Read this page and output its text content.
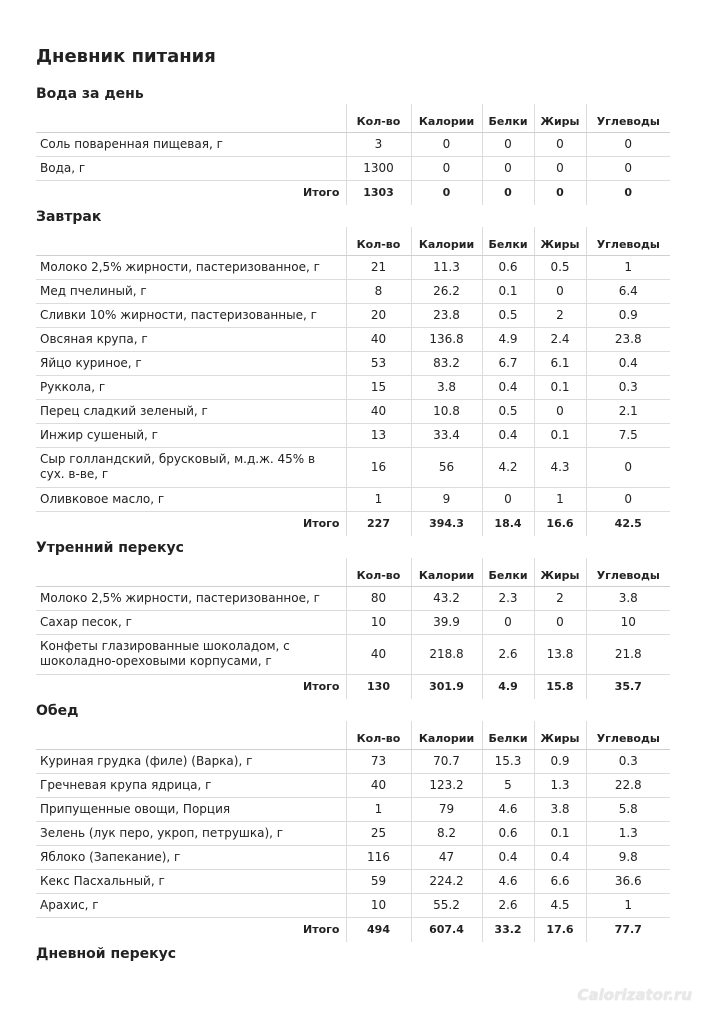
Дневник питания
Вода за день
	Кол-во	Калории	Белки	Жиры	Углеводы
Соль поваренная пищевая, г	3	0	0	0	0
Вода, г	1300	0	0	0	0
Итого	1303	0	0	0	0
Завтрак
	Кол-во	Калории	Белки	Жиры	Углеводы
Молоко 2,5% жирности, пастеризованное, г	21	11.3	0.6	0.5	1
Мед пчелиный, г	8	26.2	0.1	0	6.4
Сливки 10% жирности, пастеризованные, г	20	23.8	0.5	2	0.9
Овсяная крупа, г	40	136.8	4.9	2.4	23.8
Яйцо куриное, г	53	83.2	6.7	6.1	0.4
Руккола, г	15	3.8	0.4	0.1	0.3
Перец сладкий зеленый, г	40	10.8	0.5	0	2.1
Инжир сушеный, г	13	33.4	0.4	0.1	7.5
Сыр голландский, брусковый, м.д.ж. 45% в сух. в-ве, г	16	56	4.2	4.3	0
Оливковое масло, г	1	9	0	1	0
Итого	227	394.3	18.4	16.6	42.5
Утренний перекус
	Кол-во	Калории	Белки	Жиры	Углеводы
Молоко 2,5% жирности, пастеризованное, г	80	43.2	2.3	2	3.8
Сахар песок, г	10	39.9	0	0	10
Конфеты глазированные шоколадом, с шоколадно-ореховыми корпусами, г	40	218.8	2.6	13.8	21.8
Итого	130	301.9	4.9	15.8	35.7
Обед
	Кол-во	Калории	Белки	Жиры	Углеводы
Куриная грудка (филе) (Варка), г	73	70.7	15.3	0.9	0.3
Гречневая крупа ядрица, г	40	123.2	5	1.3	22.8
Припущенные овощи, Порция	1	79	4.6	3.8	5.8
Зелень (лук перо, укроп, петрушка), г	25	8.2	0.6	0.1	1.3
Яблоко (Запекание), г	116	47	0.4	0.4	9.8
Кекс Пасхальный, г	59	224.2	4.6	6.6	36.6
Арахис, г	10	55.2	2.6	4.5	1
Итого	494	607.4	33.2	17.6	77.7
Дневной перекус
Calorizator.ru
